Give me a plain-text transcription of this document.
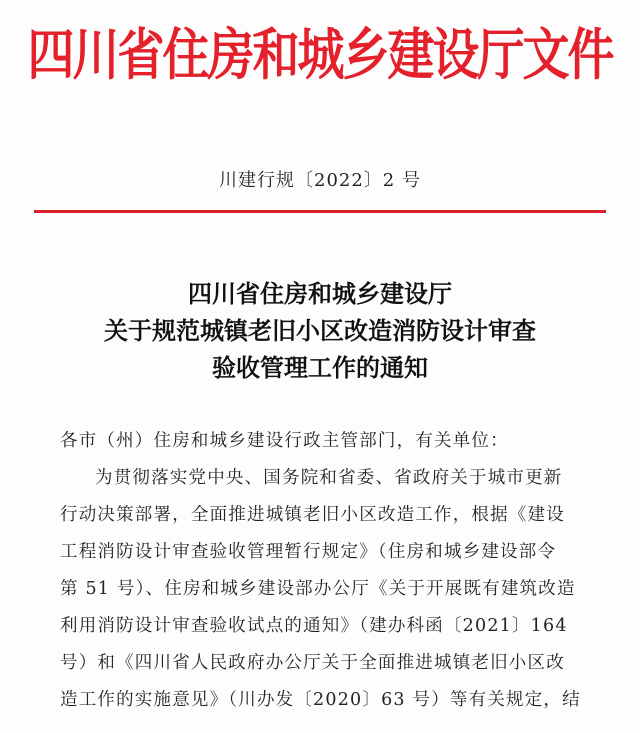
四川省住房和城乡建设厅文件
川建行规〔2022〕2 号
四川省住房和城乡建设厅
关于规范城镇老旧小区改造消防设计审查
验收管理工作的通知
各市（州）住房和城乡建设行政主管部门，有关单位：
为贯彻落实党中央、国务院和省委、省政府关于城市更新
行动决策部署，全面推进城镇老旧小区改造工作，根据《建设
工程消防设计审查验收管理暂行规定》（住房和城乡建设部令
第 51 号）、住房和城乡建设部办公厅《关于开展既有建筑改造
利用消防设计审查验收试点的通知》（建办科函〔2021〕164
号）和《四川省人民政府办公厅关于全面推进城镇老旧小区改
造工作的实施意见》（川办发〔2020〕63 号）等有关规定，结
